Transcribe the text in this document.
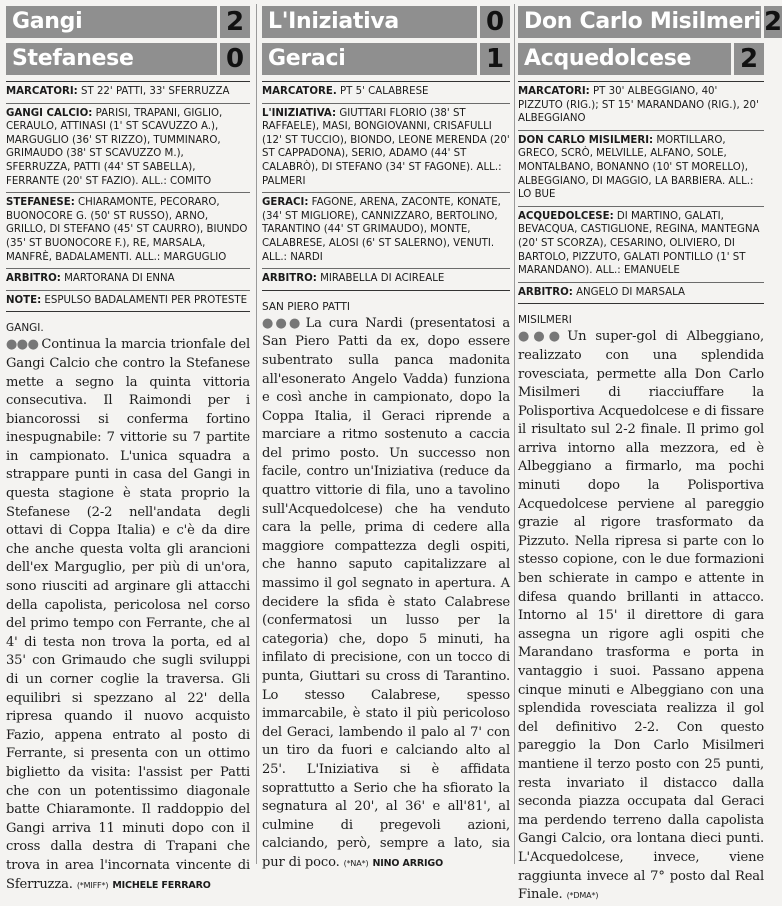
Gangi	2
Stefanese	0
MARCATORI: ST 22' PATTI, 33' SFERRUZZA
GANGI CALCIO: PARISI, TRAPANI, GIGLIO, CERAULO, ATTINASI (1' ST SCAVUZZO A.), MARGUGLIO (36' ST RIZZO), TUMMINARO, GRIMAUDO (38' ST SCAVUZZO M.), SFERRUZZA, PATTI (44' ST SABELLA), FERRANTE (20' ST FAZIO). ALL.: COMITO
STEFANESE: CHIARAMONTE, PECORARO, BUONOCORE G. (50' ST RUSSO), ARNO, GRILLO, DI STEFANO (45' ST CAURRO), BIUNDO (35' ST BUONOCORE F.), RE, MARSALA, MANFRÈ, BADALAMENTI. ALL.: MARGUGLIO
ARBITRO: MARTORANA DI ENNA
NOTE: ESPULSO BADALAMENTI PER PROTESTE
GANGI.
●●● Continua la marcia trionfale del Gangi Calcio che contro la Stefanese mette a segno la quinta vittoria consecutiva. Il Raimondi per i biancorossi si conferma fortino inespugnabile: 7 vittorie su 7 partite in campionato. L'unica squadra a strappare punti in casa del Gangi in questa stagione è stata proprio la Stefanese (2-2 nell'andata degli ottavi di Coppa Italia) e c'è da dire che anche questa volta gli arancioni dell'ex Marguglio, per più di un'ora, sono riusciti ad arginare gli attacchi della capolista, pericolosa nel corso del primo tempo con Ferrante, che al 4' di testa non trova la porta, ed al 35' con Grimaudo che sugli sviluppi di un corner coglie la traversa. Gli equilibri si spezzano al 22' della ripresa quando il nuovo acquisto Fazio, appena entrato al posto di Ferrante, si presenta con un ottimo biglietto da visita: l'assist per Patti che con un potentissimo diagonale batte Chiaramonte. Il raddoppio del Gangi arriva 11 minuti dopo con il cross dalla destra di Trapani che trova in area l'incornata vincente di Sferruzza. (*MIFF*) MICHELE FERRARO
L'Iniziativa	0
Geraci	1
MARCATORE. PT 5' CALABRESE
L'INIZIATIVA: GIUTTARI FLORIO (38' ST RAFFAELE), MASI, BONGIOVANNI, CRISAFULLI (12' ST TUCCIO), BIONDO, LEONE MERENDA (20' ST CAPPADONA), SERIO, ADAMO (44' ST CALABRÒ), DI STEFANO (34' ST FAGONE). ALL.: PALMERI
GERACI: FAGONE, ARENA, ZACONTE, KONATE, (34' ST MIGLIORE), CANNIZZARO, BERTOLINO, TARANTINO (44' ST GRIMAUDO), MONTE, CALABRESE, ALOSI (6' ST SALERNO), VENUTI. ALL.: NARDI
ARBITRO: MIRABELLA DI ACIREALE
SAN PIERO PATTI
●●● La cura Nardi (presentatosi a San Piero Patti da ex, dopo essere subentrato sulla panca madonita all'esonerato Angelo Vadda) funziona e così anche in campionato, dopo la Coppa Italia, il Geraci riprende a marciare a ritmo sostenuto a caccia del primo posto. Un successo non facile, contro un'Iniziativa (reduce da quattro vittorie di fila, uno a tavolino sull'Acquedolcese) che ha venduto cara la pelle, prima di cedere alla maggiore compattezza degli ospiti, che hanno saputo capitalizzare al massimo il gol segnato in apertura. A decidere la sfida è stato Calabrese (confermatosi un lusso per la categoria) che, dopo 5 minuti, ha infilato di precisione, con un tocco di punta, Giuttari su cross di Tarantino. Lo stesso Calabrese, spesso immarcabile, è stato il più pericoloso del Geraci, lambendo il palo al 7' con un tiro da fuori e calciando alto al 25'. L'Iniziativa si è affidata soprattutto a Serio che ha sfiorato la segnatura al 20', al 36' e all'81', al culmine di pregevoli azioni, calciando, però, sempre a lato, sia pur di poco. (*NA*) NINO ARRIGO
Don Carlo Misilmeri 2
Acquedolcese	2
MARCATORI: PT 30' ALBEGGIANO, 40' PIZZUTO (RIG.); ST 15' MARANDANO (RIG.), 20' ALBEGGIANO
DON CARLO MISILMERI: MORTILLARO, GRECO, SCRÒ, MELVILLE, ALFANO, SOLE, MONTALBANO, BONANNO (10' ST MORELLO), ALBEGGIANO, DI MAGGIO, LA BARBIERA. ALL.: LO BUE
ACQUEDOLCESE: DI MARTINO, GALATI, BEVACQUA, CASTIGLIONE, REGINA, MANTEGNA (20' ST SCORZA), CESARINO, OLIVIERO, DI BARTOLO, PIZZUTO, GALATI PONTILLO (1' ST MARANDANO). ALL.: EMANUELE
ARBITRO: ANGELO DI MARSALA
MISILMERI
●●● Un super-gol di Albeggiano, realizzato con una splendida rovesciata, permette alla Don Carlo Misilmeri di riacciuffare la Polisportiva Acquedolcese e di fissare il risultato sul 2-2 finale. Il primo gol arriva intorno alla mezzora, ed è Albeggiano a firmarlo, ma pochi minuti dopo la Polisportiva Acquedolcese perviene al pareggio grazie al rigore trasformato da Pizzuto. Nella ripresa si parte con lo stesso copione, con le due formazioni ben schierate in campo e attente in difesa quando brillanti in attacco. Intorno al 15' il direttore di gara assegna un rigore agli ospiti che Marandano trasforma e porta in vantaggio i suoi. Passano appena cinque minuti e Albeggiano con una splendida rovesciata realizza il gol del definitivo 2-2. Con questo pareggio la Don Carlo Misilmeri mantiene il terzo posto con 25 punti, resta invariato il distacco dalla seconda piazza occupata dal Geraci ma perdendo terreno dalla capolista Gangi Calcio, ora lontana dieci punti. L'Acquedolcese, invece, viene raggiunta invece al 7° posto dal Real Finale. (*DMA*)
